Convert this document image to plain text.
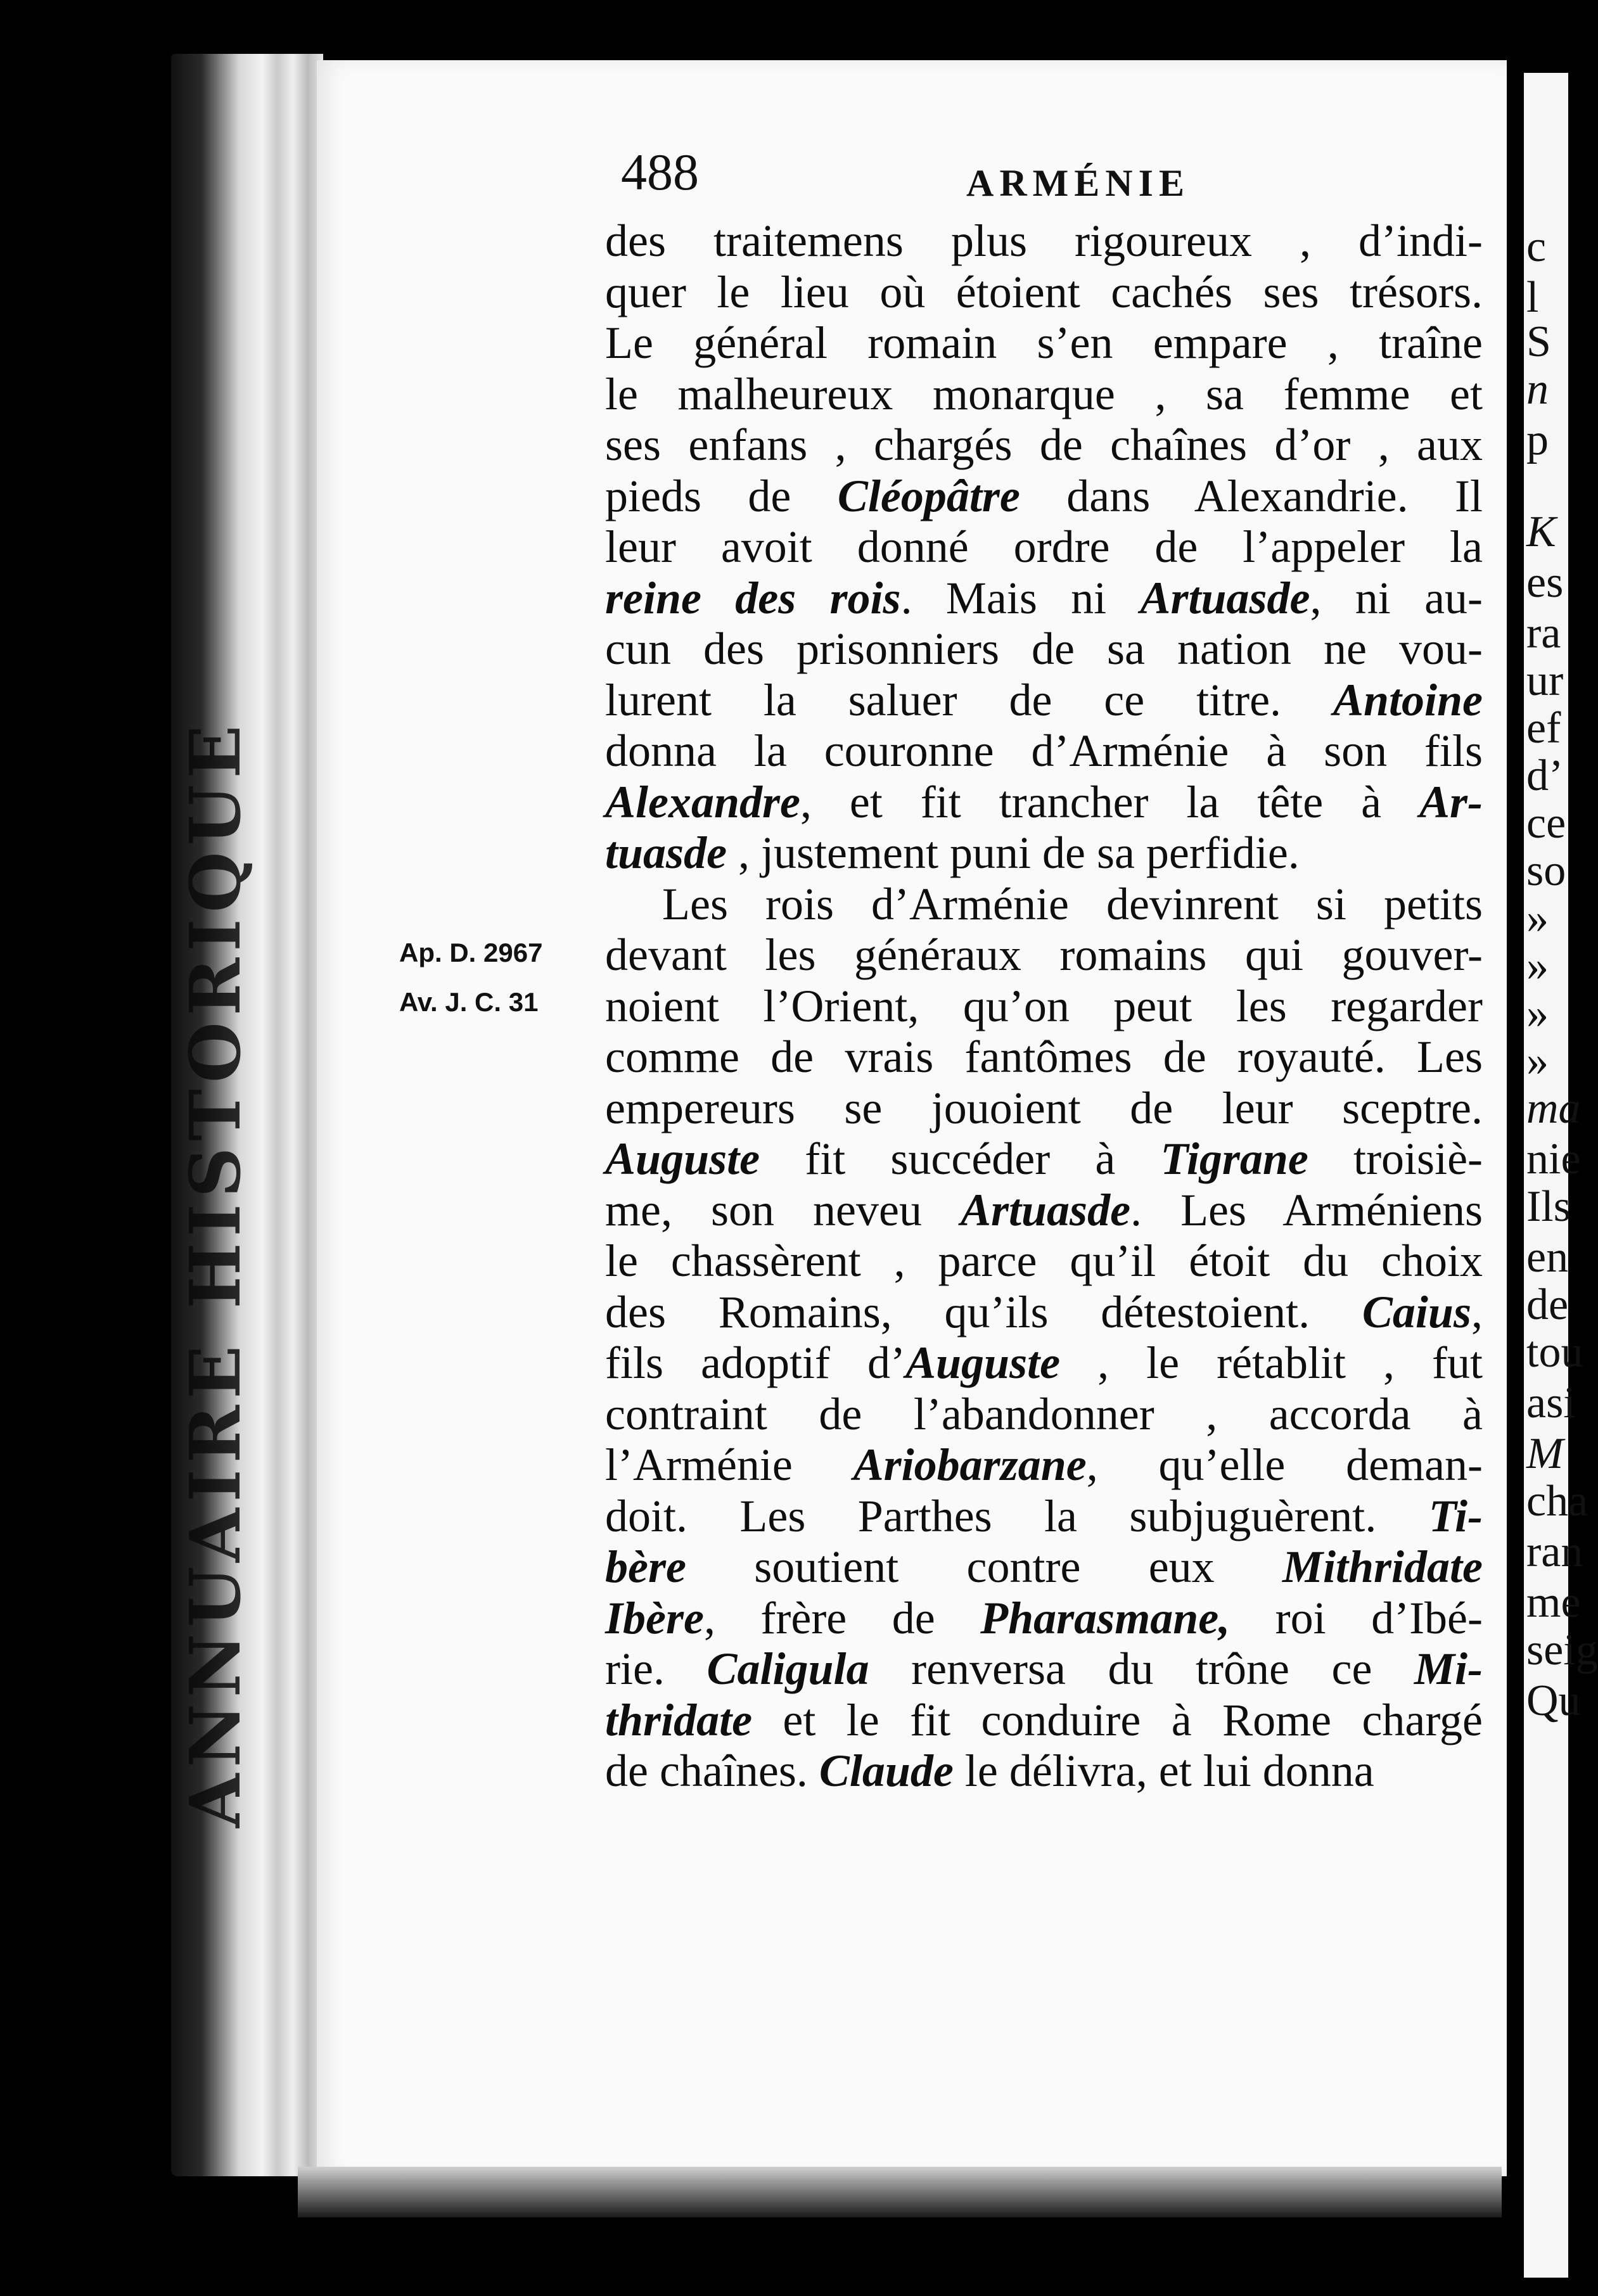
ANNUAIRE HISTORIQUE
c
l
S
n
p
K
es
ra
ur
ef
d’
ce
so
»
»
»
»
ma
nie
Ils
en
de
tou
asi
M
cha
ran
me
seig
Qu
488	ARMÉNIE
Ap. D. 2967
Av. J. C. 31
des traitemens plus rigoureux , d’indi-
quer le lieu où étoient cachés ses trésors.
Le général romain s’en empare , traîne
le malheureux monarque , sa femme et
ses enfans , chargés de chaînes d’or , aux
pieds de Cléopâtre dans Alexandrie. Il
leur avoit donné ordre de l’appeler la
reine des rois. Mais ni Artuasde, ni au-
cun des prisonniers de sa nation ne vou-
lurent la saluer de ce titre. Antoine
donna la couronne d’Arménie à son fils
Alexandre, et fit trancher la tête à Ar-
tuasde , justement puni de sa perfidie.
Les rois d’Arménie devinrent si petits
devant les généraux romains qui gouver-
noient l’Orient, qu’on peut les regarder
comme de vrais fantômes de royauté. Les
empereurs se jouoient de leur sceptre.
Auguste fit succéder à Tigrane troisiè-
me, son neveu Artuasde. Les Arméniens
le chassèrent , parce qu’il étoit du choix
des Romains, qu’ils détestoient. Caius,
fils adoptif d’Auguste , le rétablit , fut
contraint de l’abandonner , accorda à
l’Arménie Ariobarzane, qu’elle deman-
doit. Les Parthes la subjuguèrent. Ti-
bère soutient contre eux Mithridate
Ibère, frère de Pharasmane, roi d’Ibé-
rie. Caligula renversa du trône ce Mi-
thridate et le fit conduire à Rome chargé
de chaînes. Claude le délivra, et lui donna
